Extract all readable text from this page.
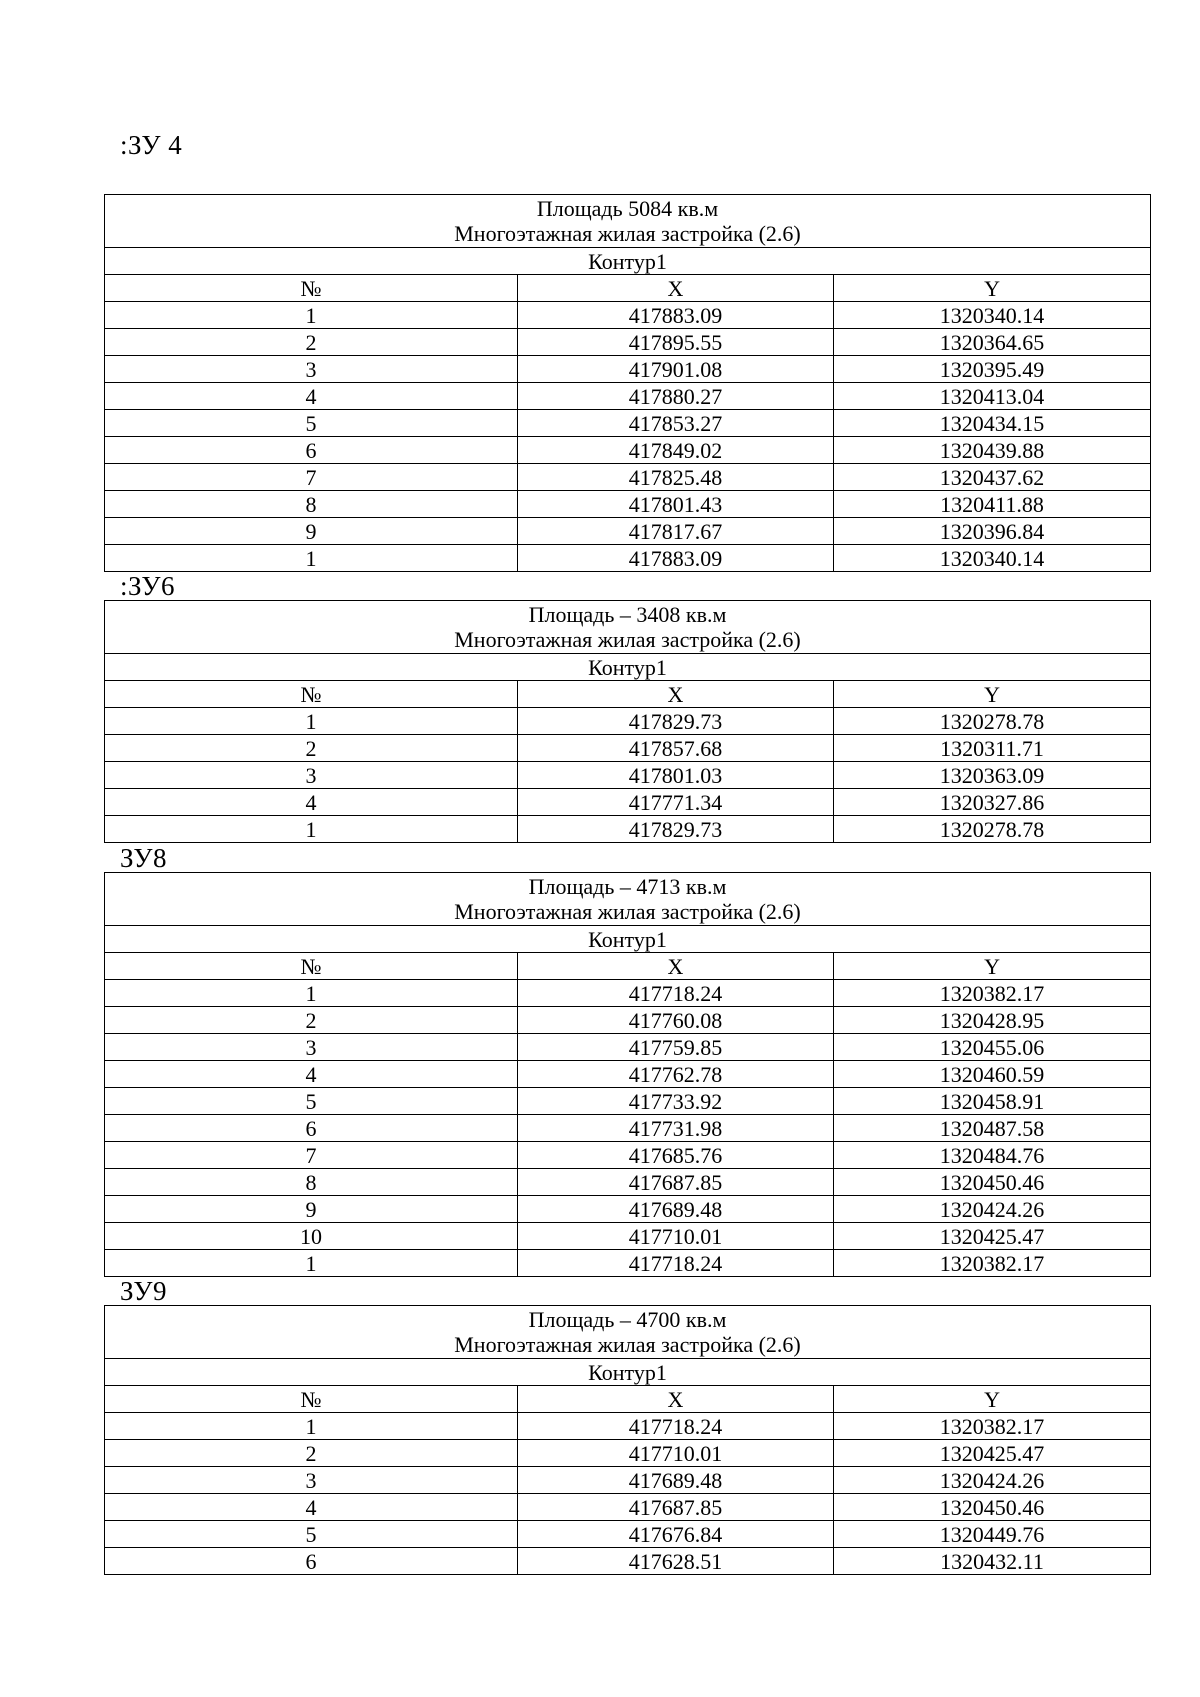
:ЗУ 4
Площадь 5084 кв.м
Многоэтажная жилая застройка (2.6)		

Контур1		
№	X	Y
1	417883.09	1320340.14
2	417895.55	1320364.65
3	417901.08	1320395.49
4	417880.27	1320413.04
5	417853.27	1320434.15
6	417849.02	1320439.88
7	417825.48	1320437.62
8	417801.43	1320411.88
9	417817.67	1320396.84
1	417883.09	1320340.14
:ЗУ6
Площадь – 3408 кв.м
Многоэтажная жилая застройка (2.6)		

Контур1		
№	X	Y
1	417829.73	1320278.78
2	417857.68	1320311.71
3	417801.03	1320363.09
4	417771.34	1320327.86
1	417829.73	1320278.78
ЗУ8
Площадь – 4713 кв.м
Многоэтажная жилая застройка (2.6)		

Контур1		
№	X	Y
1	417718.24	1320382.17
2	417760.08	1320428.95
3	417759.85	1320455.06
4	417762.78	1320460.59
5	417733.92	1320458.91
6	417731.98	1320487.58
7	417685.76	1320484.76
8	417687.85	1320450.46
9	417689.48	1320424.26
10	417710.01	1320425.47
1	417718.24	1320382.17
ЗУ9
Площадь – 4700 кв.м
Многоэтажная жилая застройка (2.6)		

Контур1		
№	X	Y
1	417718.24	1320382.17
2	417710.01	1320425.47
3	417689.48	1320424.26
4	417687.85	1320450.46
5	417676.84	1320449.76
6	417628.51	1320432.11
